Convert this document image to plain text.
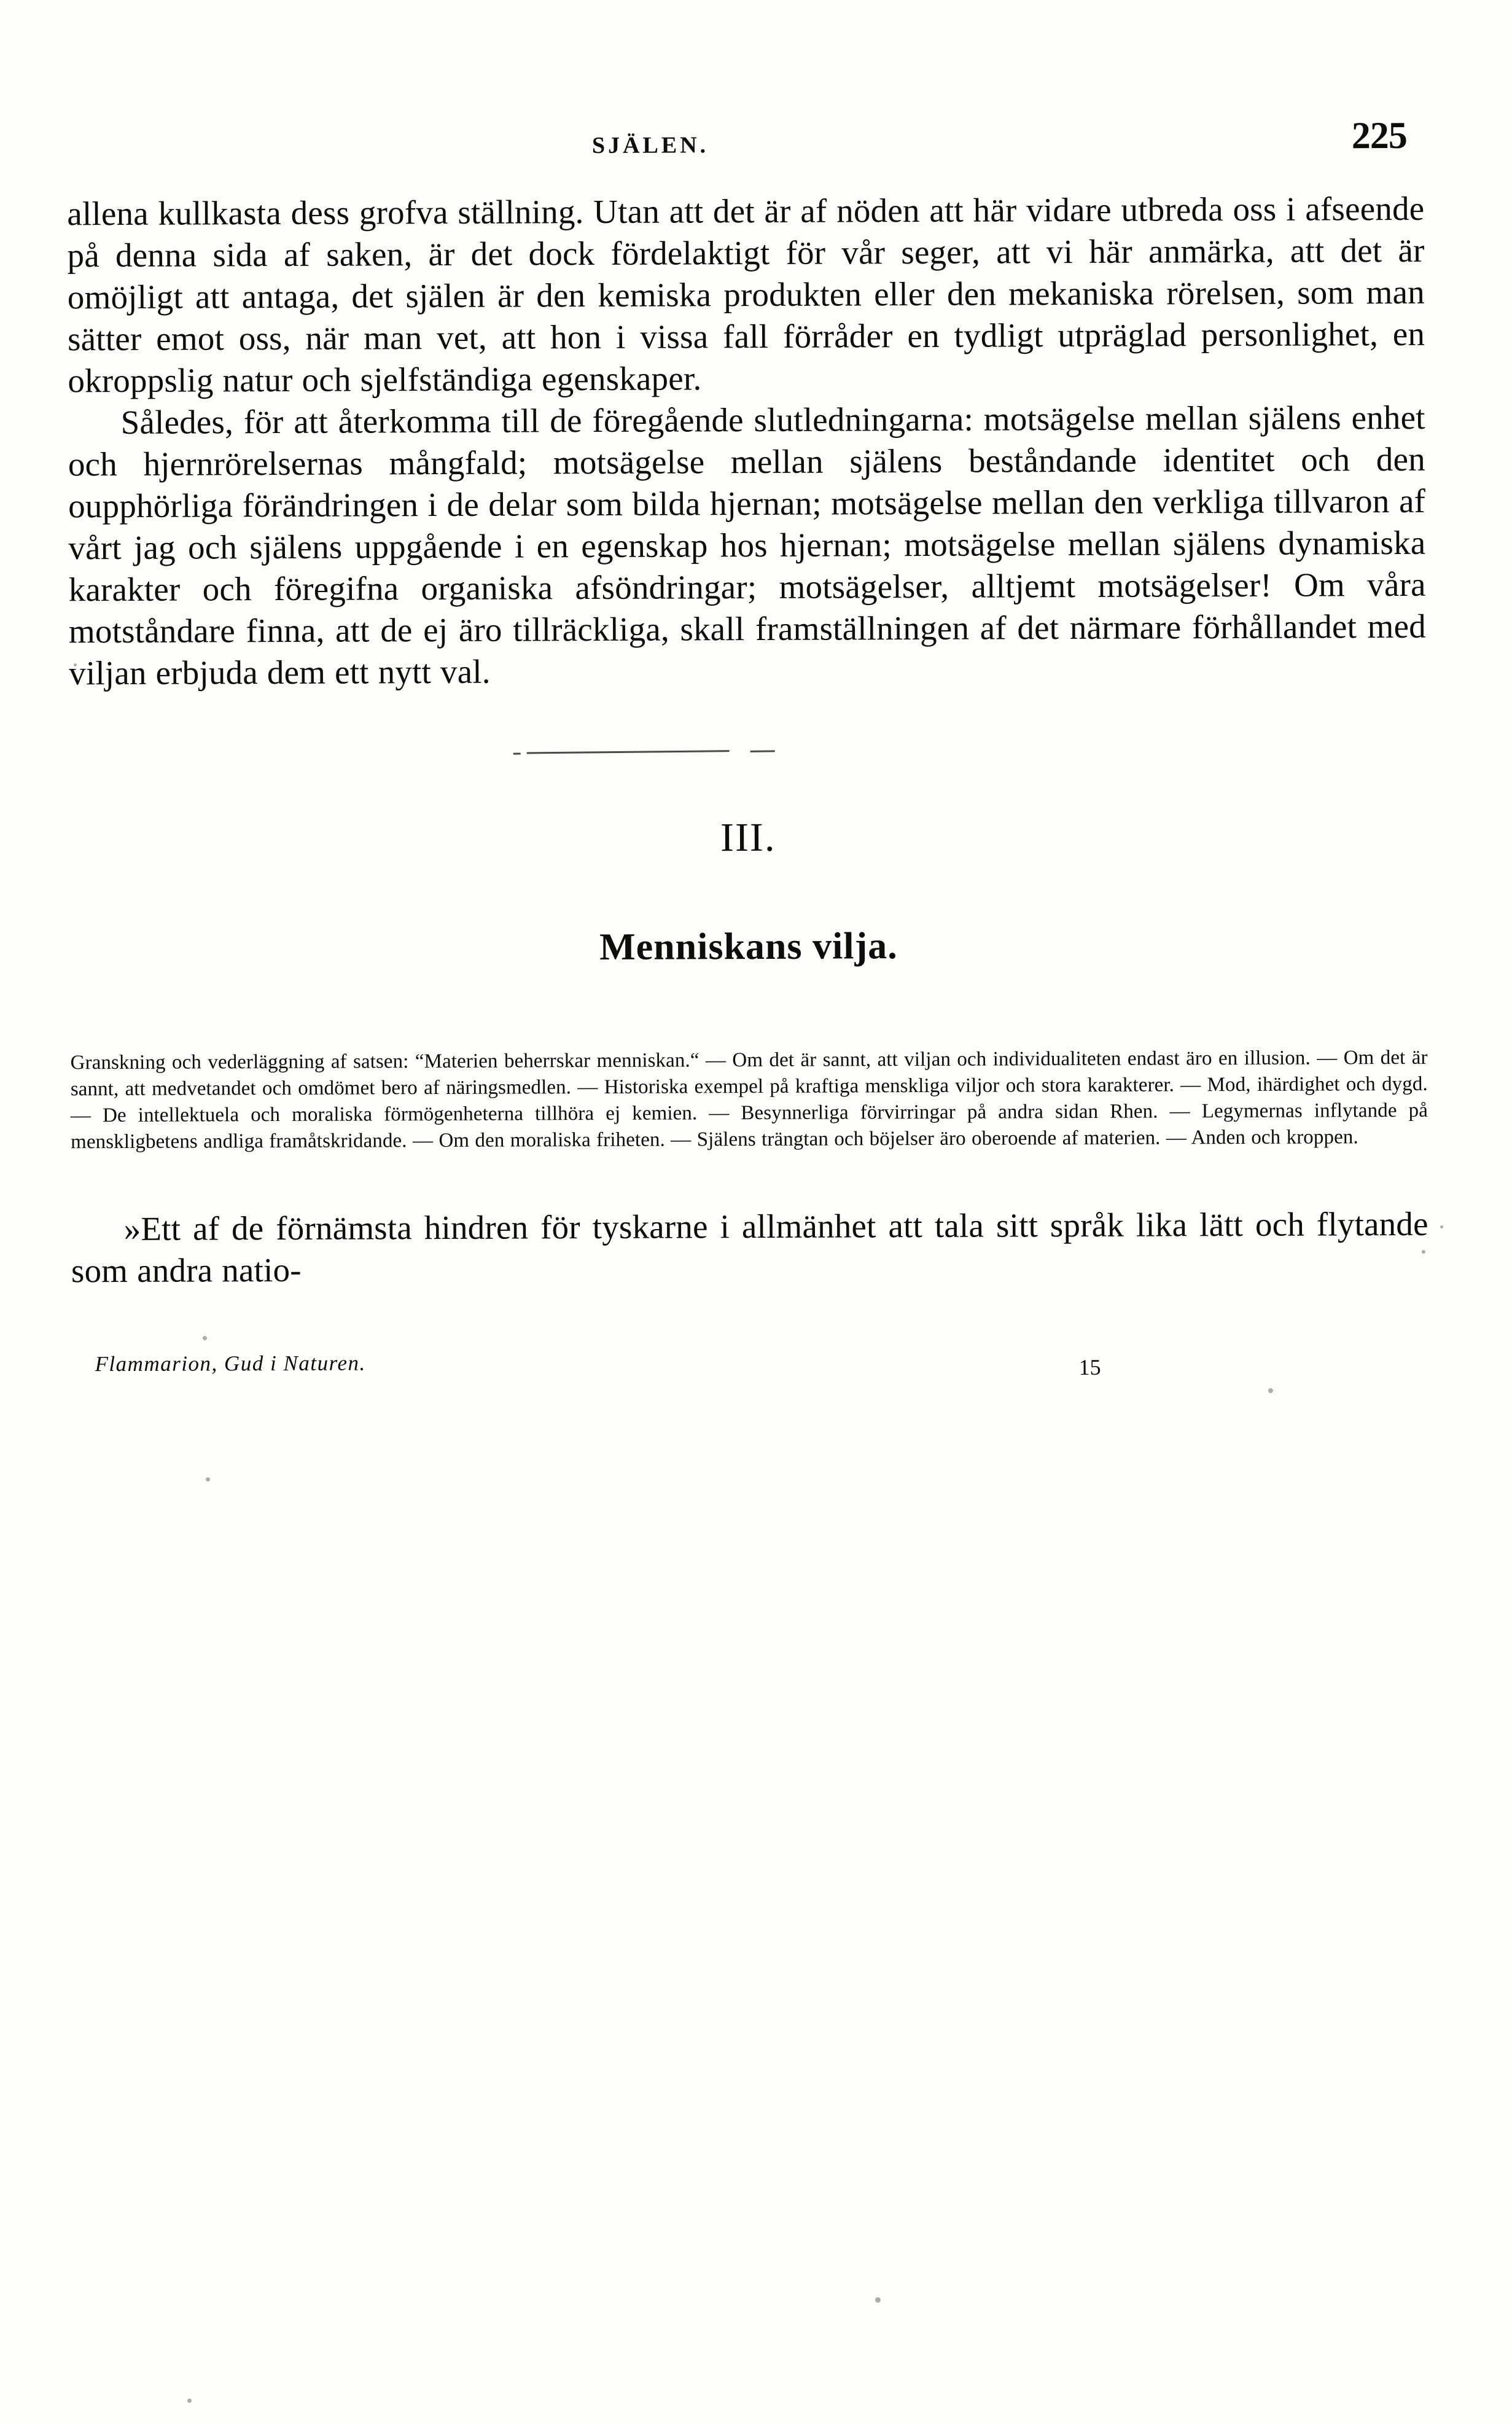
SJÄLEN.	225

allena kullkasta dess grofva ställning. Utan att det är af nöden att här vidare utbreda oss i afseende på denna sida af saken, är det dock fördelaktigt för vår seger, att vi här anmärka, att det är omöjligt att antaga, det själen är den kemiska produkten eller den mekaniska rörelsen, som man sätter emot oss, när man vet, att hon i vissa fall förråder en tydligt utpräglad personlighet, en okroppslig natur och sjelfständiga egenskaper.

Således, för att återkomma till de föregående slutledningarna: motsägelse mellan själens enhet och hjernrörelsernas mångfald; motsägelse mellan själens beståndande identitet och den oupphörliga förändringen i de delar som bilda hjernan; motsägelse mellan den verkliga tillvaron af vårt jag och själens uppgående i en egenskap hos hjernan; motsägelse mellan själens dynamiska karakter och föregifna organiska afsöndringar; motsägelser, alltjemt motsägelser! Om våra motståndare finna, att de ej äro tillräckliga, skall framställningen af det närmare förhållandet med viljan erbjuda dem ett nytt val.

III.
Menniskans vilja.

Granskning och vederläggning af satsen: “Materien beherrskar menniskan.“ — Om det är sannt, att viljan och individualiteten endast äro en illusion. — Om det är sannt, att medvetandet och omdömet bero af näringsmedlen. — Historiska exempel på kraftiga menskliga viljor och stora karakterer. — Mod, ihärdighet och dygd. — De intellektuela och moraliska förmögenheterna tillhöra ej kemien. — Besynnerliga förvirringar på andra sidan Rhen. — Legymernas inflytande på menskligbetens andliga framåtskridande. — Om den moraliska friheten. — Själens trängtan och böjelser äro oberoende af materien. — Anden och kroppen.

»Ett af de förnämsta hindren för tyskarne i allmänhet att tala sitt språk lika lätt och flytande som andra natio-

Flammarion, Gud i Naturen.	15
